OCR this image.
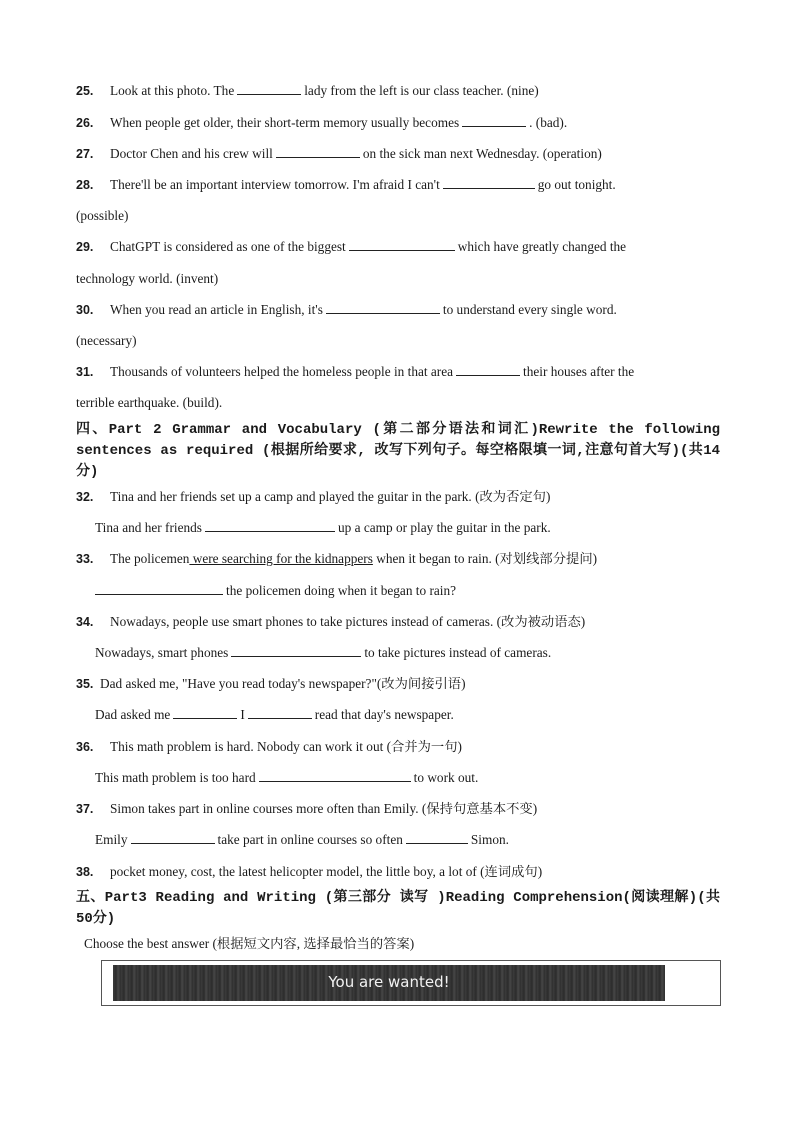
25. Look at this photo. The	lady from the left is our class teacher. (nine)
26. When people get older, their short-term memory usually becomes	. (bad).
27. Doctor Chen and his crew will	on the sick man next Wednesday. (operation)
28. There'll be an important interview tomorrow. I'm afraid I can't	go out tonight.
(possible)
29. ChatGPT is considered as one of the biggest	which have greatly changed the
technology world. (invent)
30. When you read an article in English, it's	to understand every single word.
(necessary)
31. Thousands of volunteers helped the homeless people in that area	their houses after the
terrible earthquake. (build).
四、Part 2 Grammar and Vocabulary (第二部分语法和词汇)Rewrite the following sentences as required (根据所给要求, 改写下列句子。每空格限填一词,注意句首大写)(共14分)
32. Tina and her friends set up a camp and played the guitar in the park. (改为否定句)
Tina and her friends	up a camp or play the guitar in the park.
33. The policemen were searching for the kidnappers when it began to rain. (对划线部分提问)
the policemen doing when it began to rain?
34. Nowadays, people use smart phones to take pictures instead of cameras. (改为被动语态)
Nowadays, smart phones	to take pictures instead of cameras.
35. Dad asked me, "Have you read today's newspaper?"(改为间接引语)
Dad asked me	I	read that day's newspaper.
36. This math problem is hard. Nobody can work it out (合并为一句)
This math problem is too hard	to work out.
37. Simon takes part in online courses more often than Emily. (保持句意基本不变)
Emily	take part in online courses so often	Simon.
38. pocket money, cost, the latest helicopter model, the little boy, a lot of (连词成句)
五、Part3 Reading and Writing (第三部分 读写 )Reading Comprehension(阅读理解)(共50分)
Choose the best answer (根据短文内容, 选择最恰当的答案)
You are wanted!
